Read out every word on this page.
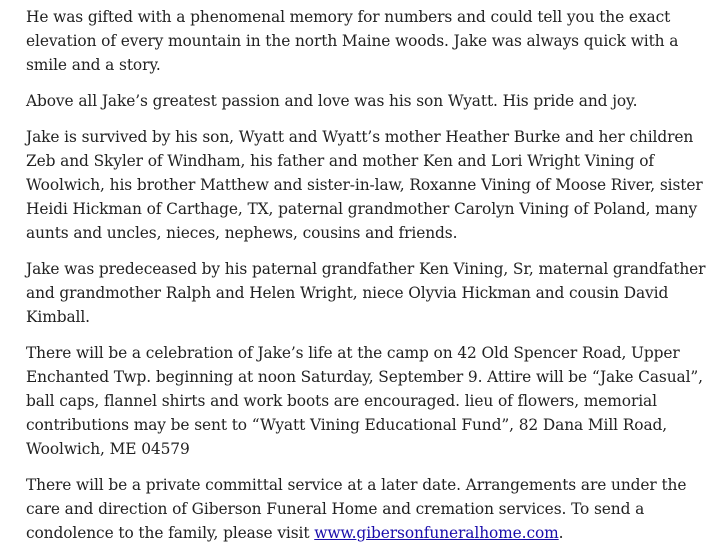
He was gifted with a phenomenal memory for numbers and could tell you the exact elevation of every mountain in the north Maine woods. Jake was always quick with a smile and a story.

Above all Jake’s greatest passion and love was his son Wyatt. His pride and joy.

Jake is survived by his son, Wyatt and Wyatt’s mother Heather Burke and her children Zeb and Skyler of Windham, his father and mother Ken and Lori Wright Vining of Woolwich, his brother Matthew and sister-in-law, Roxanne Vining of Moose River, sister Heidi Hickman of Carthage, TX, paternal grandmother Carolyn Vining of Poland, many aunts and uncles, nieces, nephews, cousins and friends.

Jake was predeceased by his paternal grandfather Ken Vining, Sr, maternal grandfather and grandmother Ralph and Helen Wright, niece Olyvia Hickman and cousin David Kimball.

There will be a celebration of Jake’s life at the camp on 42 Old Spencer Road, Upper Enchanted Twp. beginning at noon Saturday, September 9. Attire will be “Jake Casual”, ball caps, flannel shirts and work boots are encouraged. lieu of flowers, memorial contributions may be sent to “Wyatt Vining Educational Fund”, 82 Dana Mill Road, Woolwich, ME 04579

There will be a private committal service at a later date. Arrangements are under the care and direction of Giberson Funeral Home and cremation services. To send a condolence to the family, please visit www.gibersonfuneralhome.com.
